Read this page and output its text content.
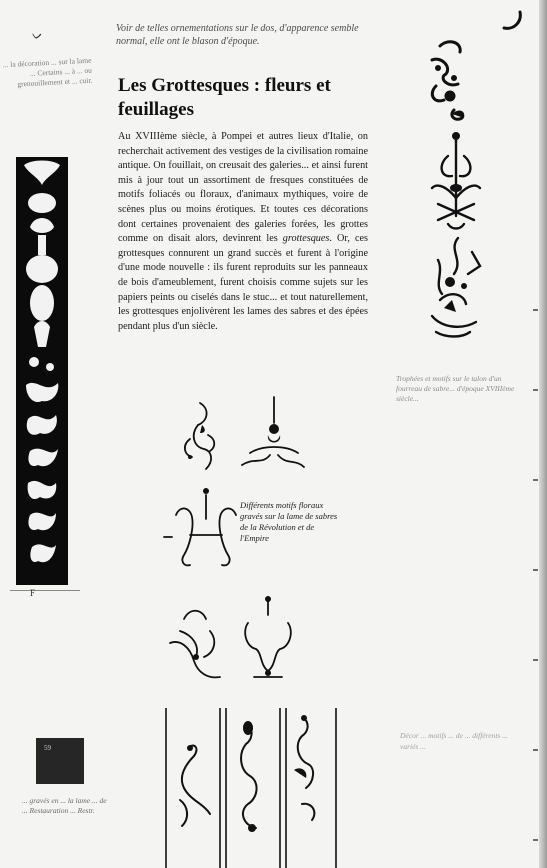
ᨆ	Voir de telles ornementations sur le dos, d'apparence semble normal, elle ont le blason d'époque.
Les Grottesques : fleurs et feuillages

Au XVIIIème siècle, à Pompei et autres lieux d'Italie, on recherchait activement des vestiges de la civilisation romaine antique. On fouillait, on creusait des galeries... et ainsi furent mis à jour tout un assortiment de fresques constituées de motifs foliacés ou floraux, d'animaux mythiques, voire de scènes plus ou moins érotiques. Et toutes ces décorations dont certaines provenaient des galeries forées, les grottes comme on disait alors, devinrent les grottesques. Or, ces grottesques connurent un grand succès et furent à l'origine d'une mode nouvelle : ils furent reproduits sur les panneaux de bois d'ameublement, furent choisis comme sujets sur les papiers peints ou ciselés dans le stuc... et tout naturellement, les grottesques enjolivèrent les lames des sabres et des épées pendant plus d'un siècle.

... la décoration ... sur la lame ... Certains ... à ... ou grenouillement et ... cuir.
F
Trophées et motifs sur le talon d'un fourreau de sabre... d'époque XVIIIème siècle...
Différents motifs floraux gravés sur la lame de sabres de la Révolution et de l'Empire
59
... gravés en ... la lame ... de ... Restauration ... Restr.
Décor ... motifs ... de ... différents ... variés ...
